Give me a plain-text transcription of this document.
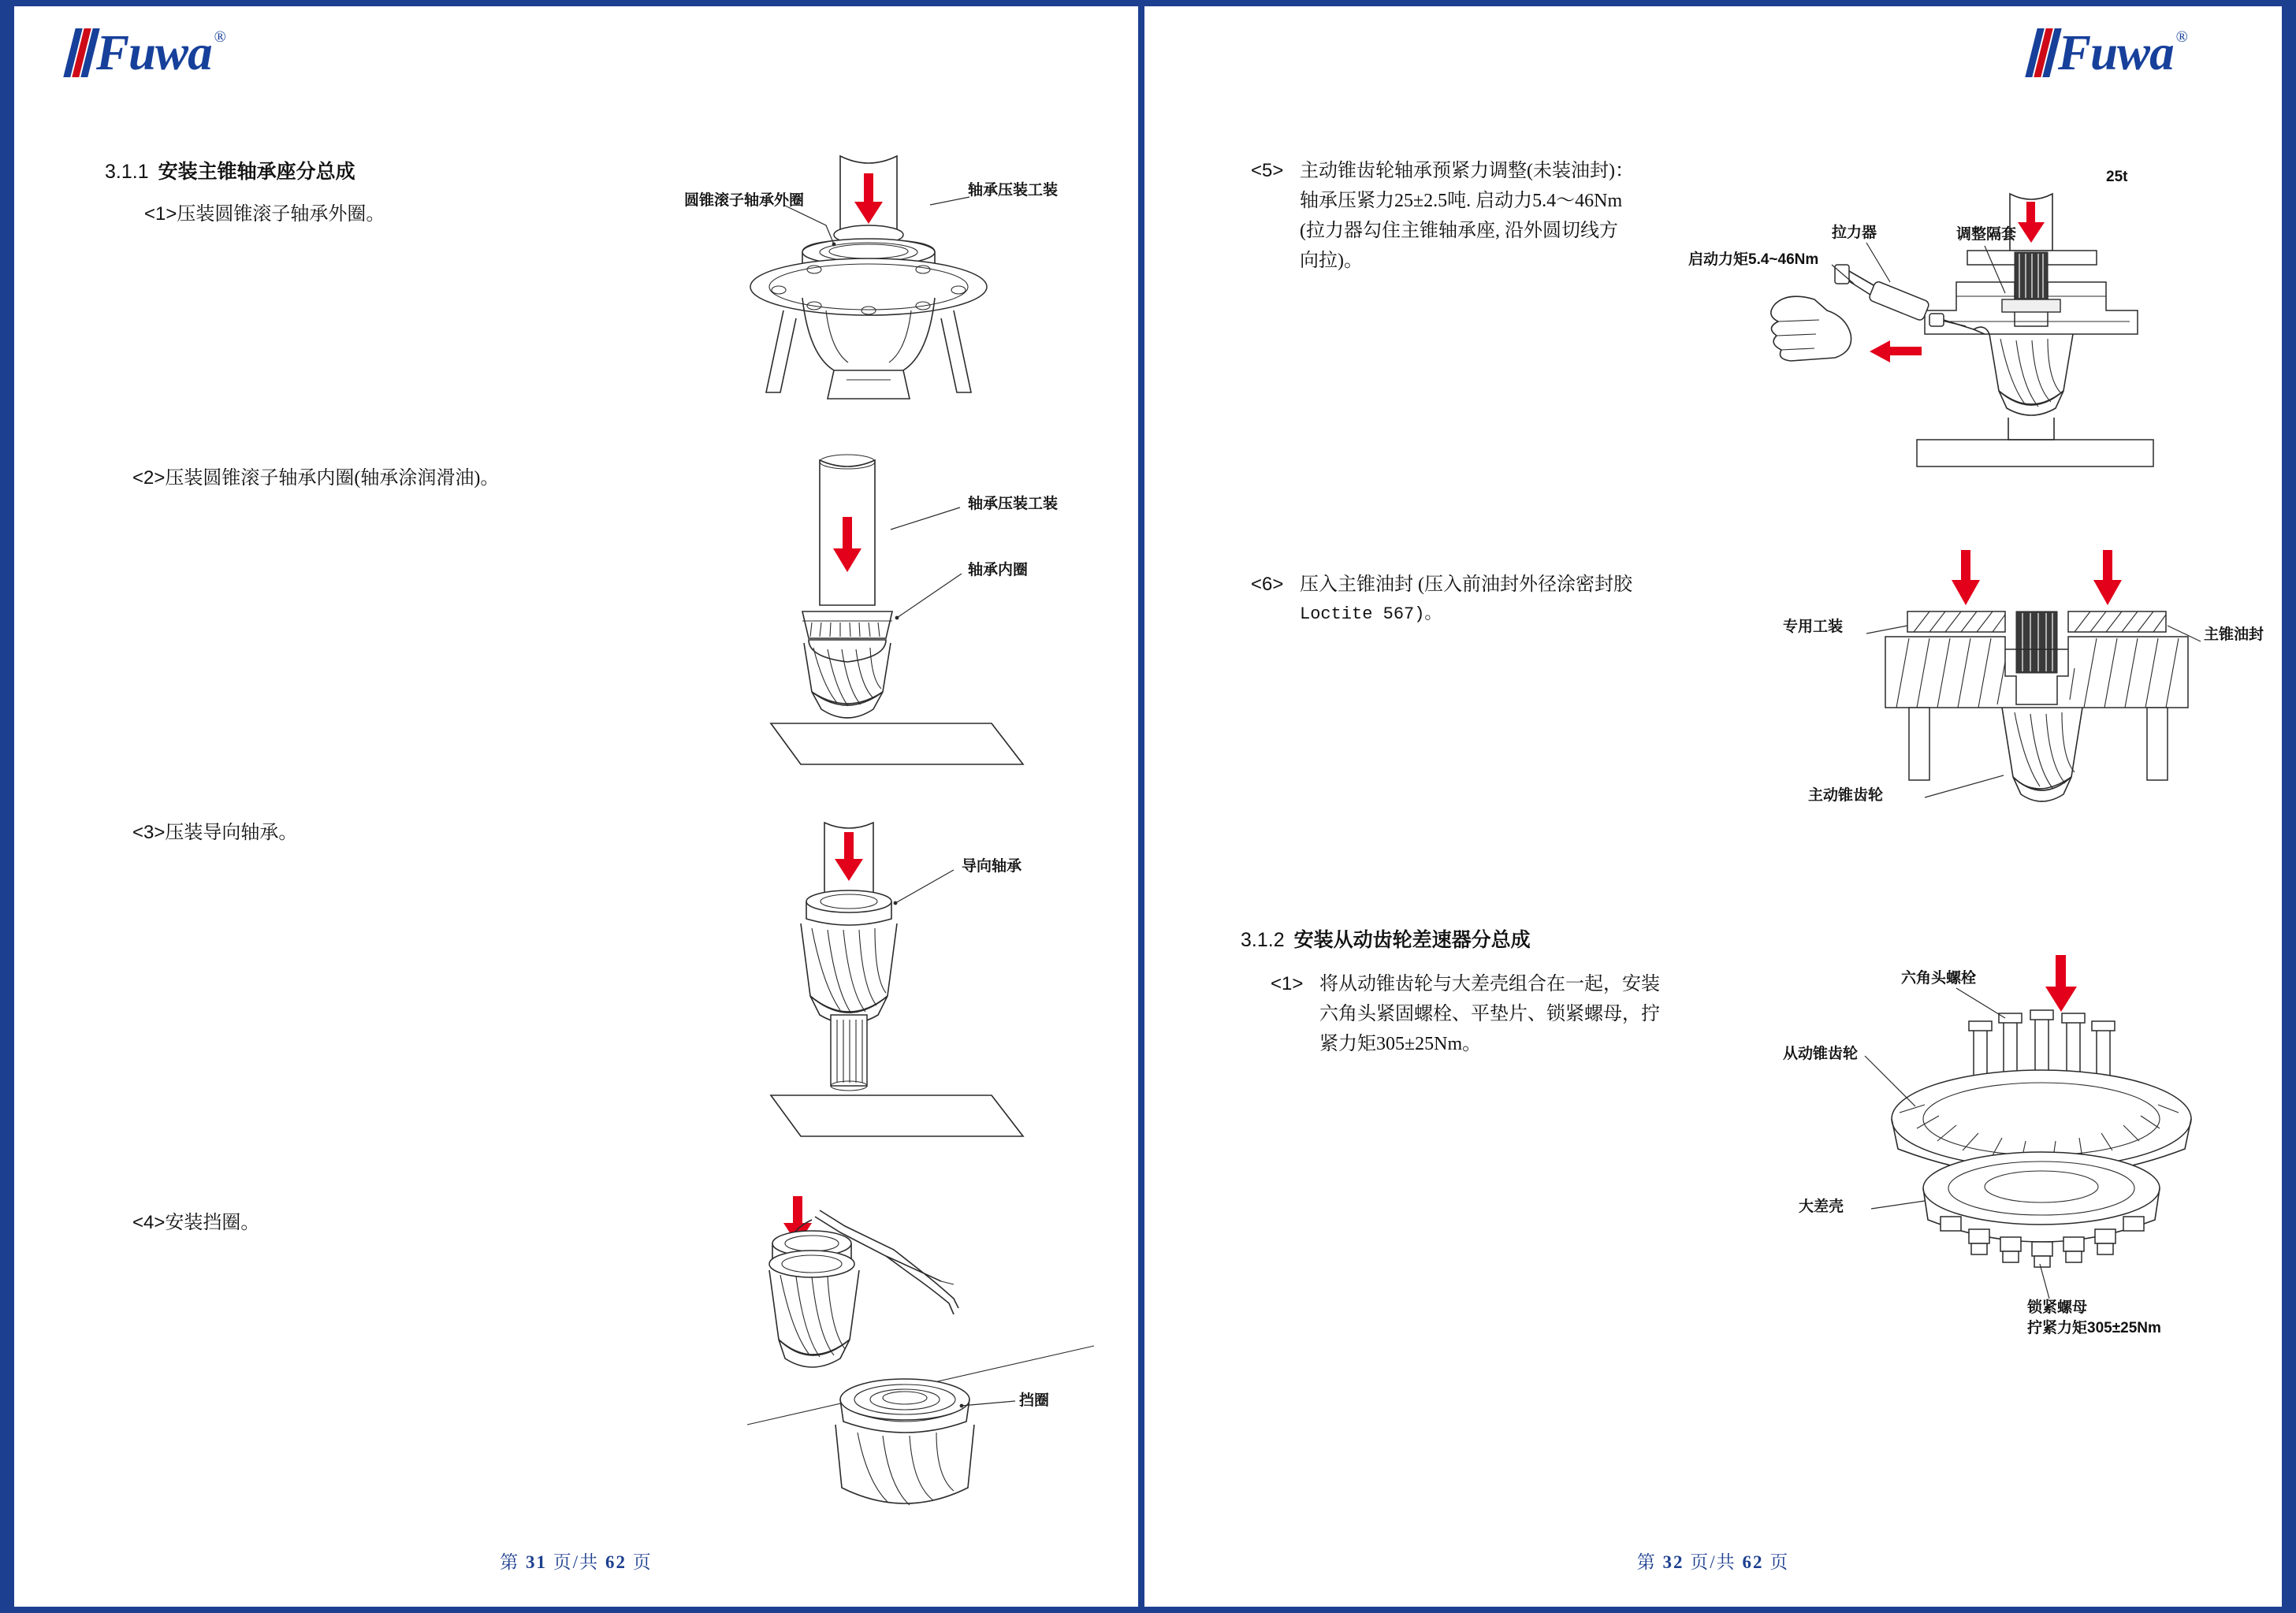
Fuwa ®
3.1.1 安装主锥轴承座分总成
<1>压装圆锥滚子轴承外圈。
<2>压装圆锥滚子轴承内圈(轴承涂润滑油)。
<3>压装导向轴承。
<4>安装挡圈。
圆锥滚子轴承外圈
轴承压装工装
轴承压装工装
轴承内圈
导向轴承
挡圈
第 31 页/共 62 页
Fuwa ®
<5> 主动锥齿轮轴承预紧力调整(未装油封)：
轴承压紧力25±2.5吨. 启动力5.4～46Nm
(拉力器勾住主锥轴承座, 沿外圆切线方
向拉)。
<6> 压入主锥油封 (压入前油封外径涂密封胶
Loctite 567)。
3.1.2 安装从动齿轮差速器分总成
<1> 将从动锥齿轮与大差壳组合在一起，安装
六角头紧固螺栓、平垫片、锁紧螺母，拧
紧力矩305±25Nm。
25t
拉力器
启动力矩5.4~46Nm
调整隔套
专用工装	主锥油封
主动锥齿轮
六角头螺栓
从动锥齿轮
大差壳
锁紧螺母
拧紧力矩305±25Nm
第 32 页/共 62 页
